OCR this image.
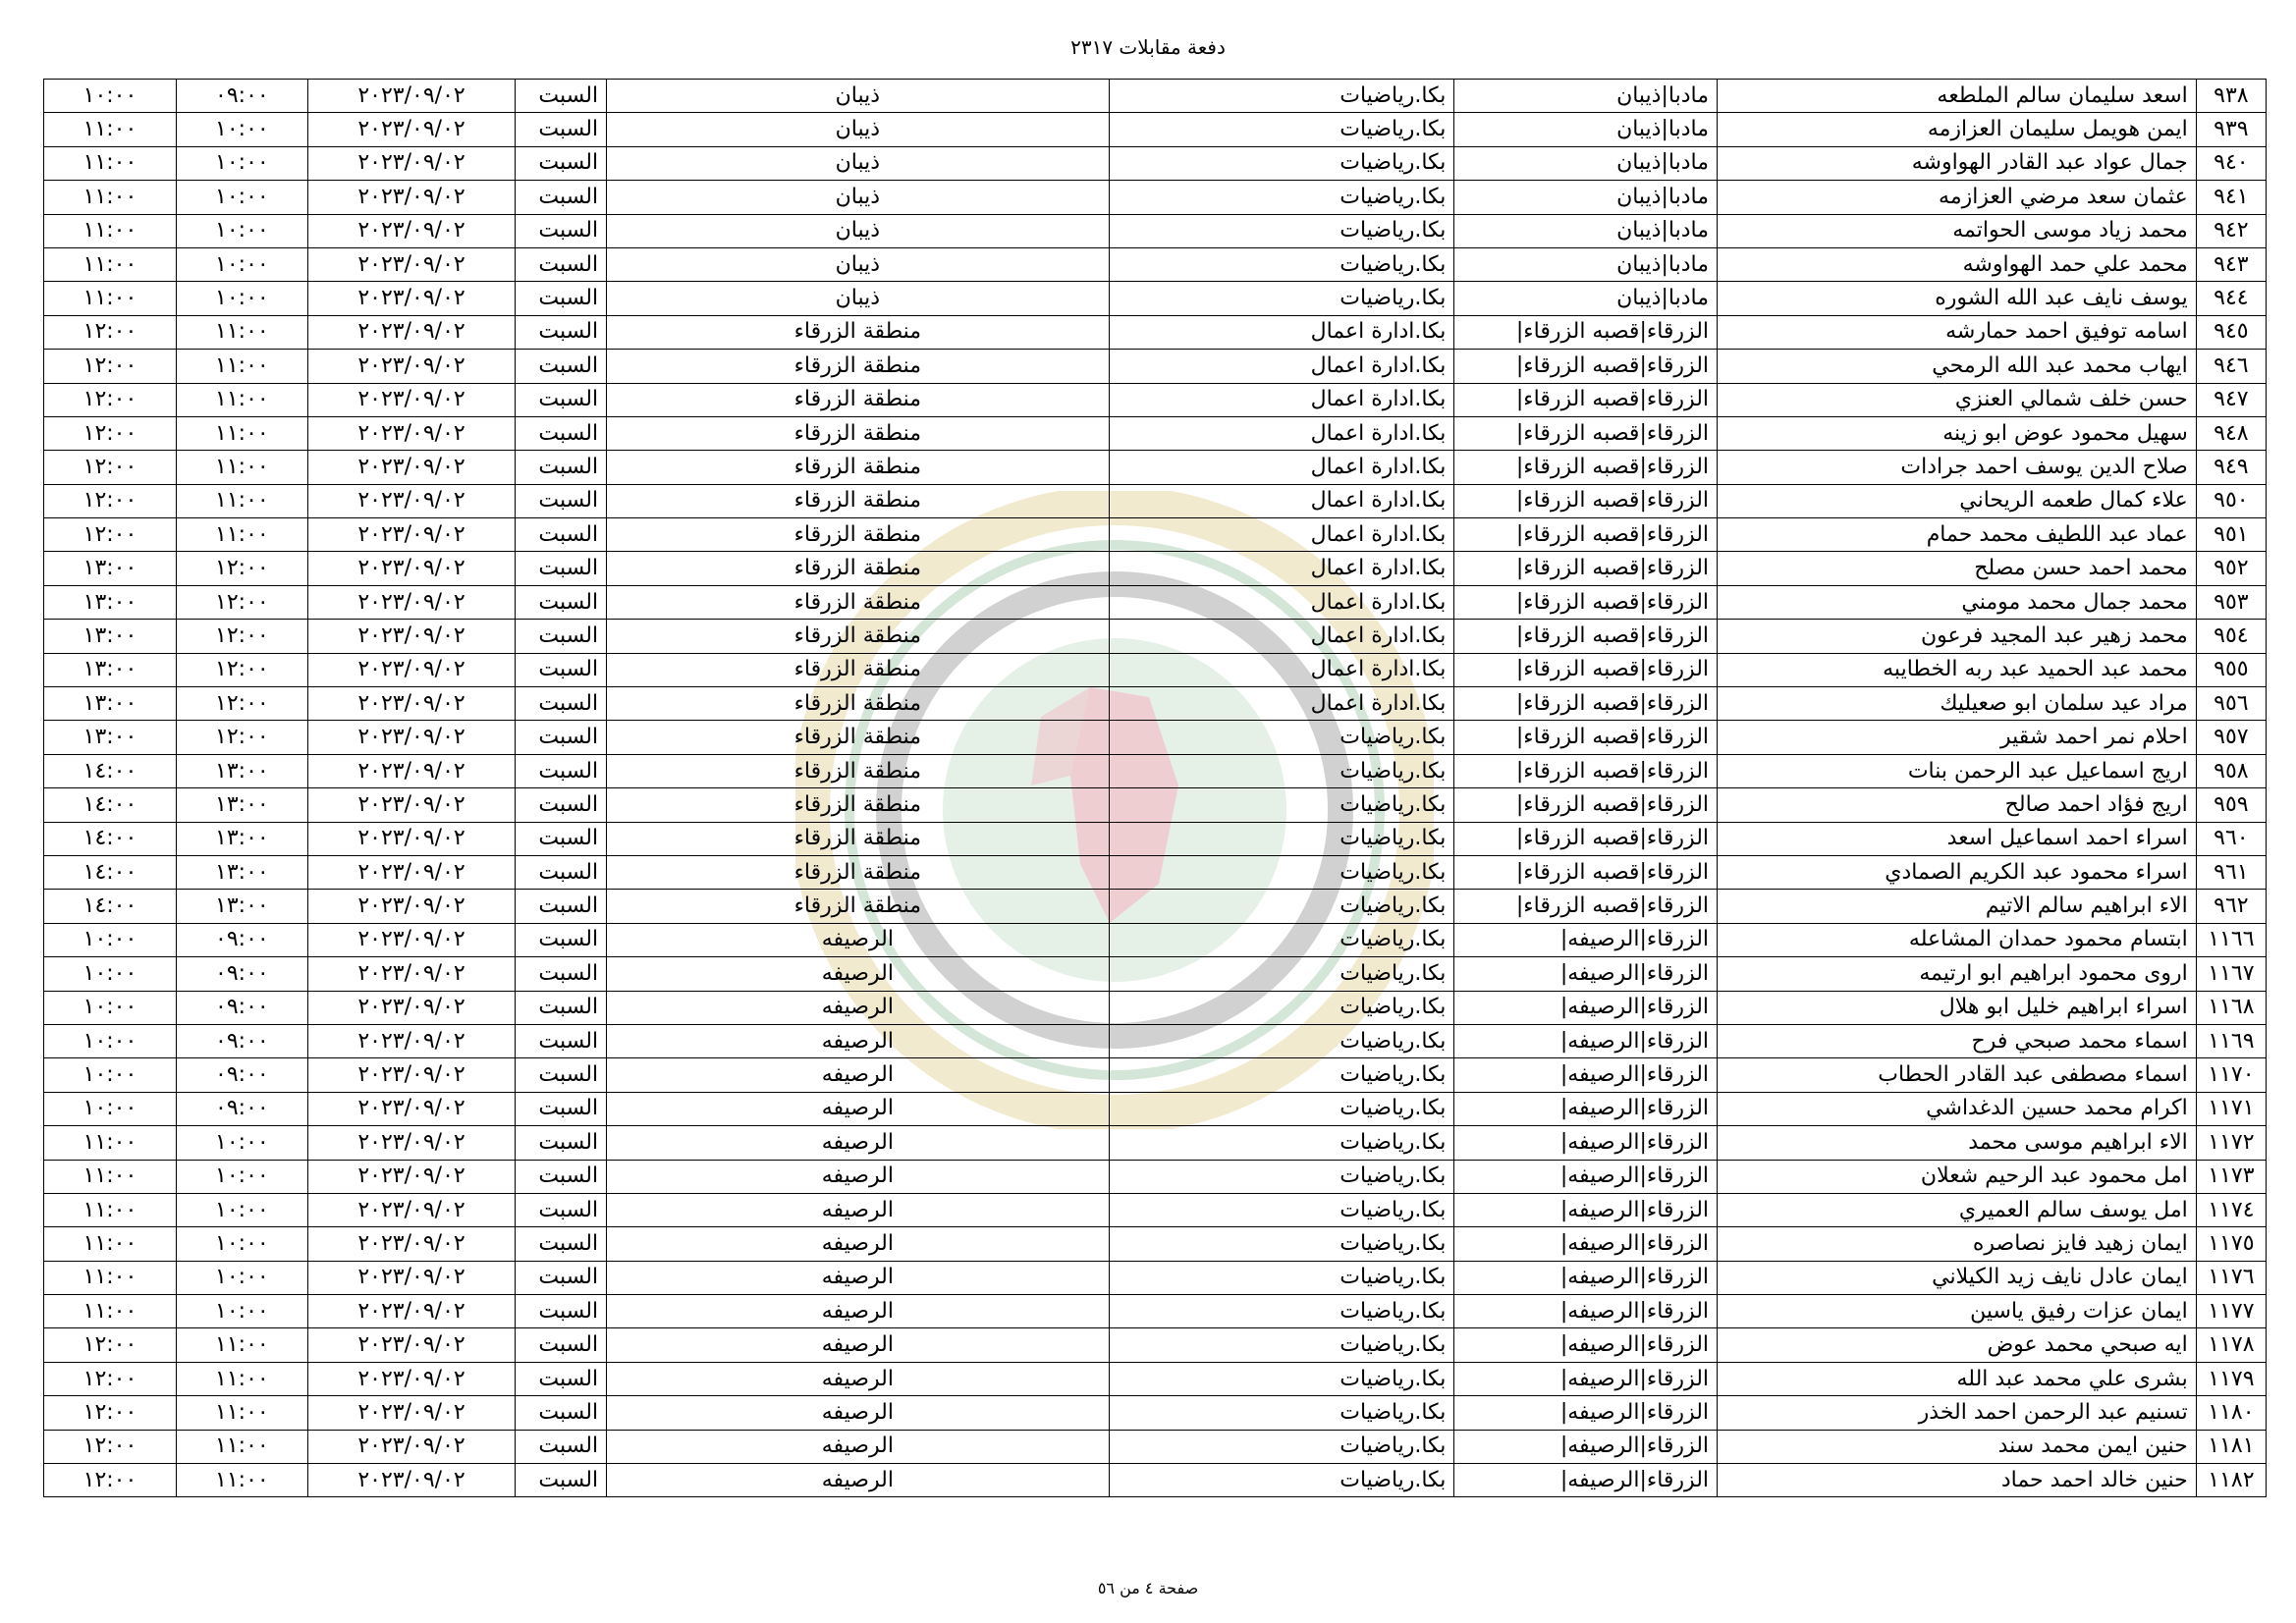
دفعة مقابلات ٢٣١٧
٩٣٨	اسعد سليمان سالم الملطعه	مادبا|ذيبان	بكا.رياضيات	ذيبان	السبت	٢٠٢٣/٠٩/٠٢	٠٩:٠٠	١٠:٠٠
٩٣٩	ايمن هويمل سليمان العزازمه	مادبا|ذيبان	بكا.رياضيات	ذيبان	السبت	٢٠٢٣/٠٩/٠٢	١٠:٠٠	١١:٠٠
٩٤٠	جمال عواد عبد القادر الهواوشه	مادبا|ذيبان	بكا.رياضيات	ذيبان	السبت	٢٠٢٣/٠٩/٠٢	١٠:٠٠	١١:٠٠
٩٤١	عثمان سعد مرضي العزازمه	مادبا|ذيبان	بكا.رياضيات	ذيبان	السبت	٢٠٢٣/٠٩/٠٢	١٠:٠٠	١١:٠٠
٩٤٢	محمد زياد موسى الحواتمه	مادبا|ذيبان	بكا.رياضيات	ذيبان	السبت	٢٠٢٣/٠٩/٠٢	١٠:٠٠	١١:٠٠
٩٤٣	محمد علي حمد الهواوشه	مادبا|ذيبان	بكا.رياضيات	ذيبان	السبت	٢٠٢٣/٠٩/٠٢	١٠:٠٠	١١:٠٠
٩٤٤	يوسف نايف عبد الله الشوره	مادبا|ذيبان	بكا.رياضيات	ذيبان	السبت	٢٠٢٣/٠٩/٠٢	١٠:٠٠	١١:٠٠
٩٤٥	اسامه توفيق احمد حمارشه	الزرقاء|قصبه الزرقاء|	بكا.ادارة اعمال	منطقة الزرقاء	السبت	٢٠٢٣/٠٩/٠٢	١١:٠٠	١٢:٠٠
٩٤٦	ايهاب محمد عبد الله الرمحي	الزرقاء|قصبه الزرقاء|	بكا.ادارة اعمال	منطقة الزرقاء	السبت	٢٠٢٣/٠٩/٠٢	١١:٠٠	١٢:٠٠
٩٤٧	حسن خلف شمالي العنزي	الزرقاء|قصبه الزرقاء|	بكا.ادارة اعمال	منطقة الزرقاء	السبت	٢٠٢٣/٠٩/٠٢	١١:٠٠	١٢:٠٠
٩٤٨	سهيل محمود عوض ابو زينه	الزرقاء|قصبه الزرقاء|	بكا.ادارة اعمال	منطقة الزرقاء	السبت	٢٠٢٣/٠٩/٠٢	١١:٠٠	١٢:٠٠
٩٤٩	صلاح الدين يوسف احمد جرادات	الزرقاء|قصبه الزرقاء|	بكا.ادارة اعمال	منطقة الزرقاء	السبت	٢٠٢٣/٠٩/٠٢	١١:٠٠	١٢:٠٠
٩٥٠	علاء كمال طعمه الريحاني	الزرقاء|قصبه الزرقاء|	بكا.ادارة اعمال	منطقة الزرقاء	السبت	٢٠٢٣/٠٩/٠٢	١١:٠٠	١٢:٠٠
٩٥١	عماد عبد اللطيف محمد حمام	الزرقاء|قصبه الزرقاء|	بكا.ادارة اعمال	منطقة الزرقاء	السبت	٢٠٢٣/٠٩/٠٢	١١:٠٠	١٢:٠٠
٩٥٢	محمد احمد حسن مصلح	الزرقاء|قصبه الزرقاء|	بكا.ادارة اعمال	منطقة الزرقاء	السبت	٢٠٢٣/٠٩/٠٢	١٢:٠٠	١٣:٠٠
٩٥٣	محمد جمال محمد مومني	الزرقاء|قصبه الزرقاء|	بكا.ادارة اعمال	منطقة الزرقاء	السبت	٢٠٢٣/٠٩/٠٢	١٢:٠٠	١٣:٠٠
٩٥٤	محمد زهير عبد المجيد فرعون	الزرقاء|قصبه الزرقاء|	بكا.ادارة اعمال	منطقة الزرقاء	السبت	٢٠٢٣/٠٩/٠٢	١٢:٠٠	١٣:٠٠
٩٥٥	محمد عبد الحميد عبد ربه الخطايبه	الزرقاء|قصبه الزرقاء|	بكا.ادارة اعمال	منطقة الزرقاء	السبت	٢٠٢٣/٠٩/٠٢	١٢:٠٠	١٣:٠٠
٩٥٦	مراد عيد سلمان ابو صعيليك	الزرقاء|قصبه الزرقاء|	بكا.ادارة اعمال	منطقة الزرقاء	السبت	٢٠٢٣/٠٩/٠٢	١٢:٠٠	١٣:٠٠
٩٥٧	احلام نمر احمد شقير	الزرقاء|قصبه الزرقاء|	بكا.رياضيات	منطقة الزرقاء	السبت	٢٠٢٣/٠٩/٠٢	١٢:٠٠	١٣:٠٠
٩٥٨	اريج اسماعيل عبد الرحمن بنات	الزرقاء|قصبه الزرقاء|	بكا.رياضيات	منطقة الزرقاء	السبت	٢٠٢٣/٠٩/٠٢	١٣:٠٠	١٤:٠٠
٩٥٩	اريج فؤاد احمد صالح	الزرقاء|قصبه الزرقاء|	بكا.رياضيات	منطقة الزرقاء	السبت	٢٠٢٣/٠٩/٠٢	١٣:٠٠	١٤:٠٠
٩٦٠	اسراء احمد اسماعيل اسعد	الزرقاء|قصبه الزرقاء|	بكا.رياضيات	منطقة الزرقاء	السبت	٢٠٢٣/٠٩/٠٢	١٣:٠٠	١٤:٠٠
٩٦١	اسراء محمود عبد الكريم الصمادي	الزرقاء|قصبه الزرقاء|	بكا.رياضيات	منطقة الزرقاء	السبت	٢٠٢٣/٠٩/٠٢	١٣:٠٠	١٤:٠٠
٩٦٢	الاء ابراهيم سالم الاتيم	الزرقاء|قصبه الزرقاء|	بكا.رياضيات	منطقة الزرقاء	السبت	٢٠٢٣/٠٩/٠٢	١٣:٠٠	١٤:٠٠
١١٦٦	ابتسام محمود حمدان المشاعله	الزرقاء|الرصيفه|	بكا.رياضيات	الرصيفه	السبت	٢٠٢٣/٠٩/٠٢	٠٩:٠٠	١٠:٠٠
١١٦٧	اروى محمود ابراهيم ابو ارتيمه	الزرقاء|الرصيفه|	بكا.رياضيات	الرصيفه	السبت	٢٠٢٣/٠٩/٠٢	٠٩:٠٠	١٠:٠٠
١١٦٨	اسراء ابراهيم خليل ابو هلال	الزرقاء|الرصيفه|	بكا.رياضيات	الرصيفه	السبت	٢٠٢٣/٠٩/٠٢	٠٩:٠٠	١٠:٠٠
١١٦٩	اسماء محمد صبحي فرح	الزرقاء|الرصيفه|	بكا.رياضيات	الرصيفه	السبت	٢٠٢٣/٠٩/٠٢	٠٩:٠٠	١٠:٠٠
١١٧٠	اسماء مصطفى عبد القادر الحطاب	الزرقاء|الرصيفه|	بكا.رياضيات	الرصيفه	السبت	٢٠٢٣/٠٩/٠٢	٠٩:٠٠	١٠:٠٠
١١٧١	اكرام محمد حسين الدغداشي	الزرقاء|الرصيفه|	بكا.رياضيات	الرصيفه	السبت	٢٠٢٣/٠٩/٠٢	٠٩:٠٠	١٠:٠٠
١١٧٢	الاء ابراهيم موسى محمد	الزرقاء|الرصيفه|	بكا.رياضيات	الرصيفه	السبت	٢٠٢٣/٠٩/٠٢	١٠:٠٠	١١:٠٠
١١٧٣	امل محمود عبد الرحيم شعلان	الزرقاء|الرصيفه|	بكا.رياضيات	الرصيفه	السبت	٢٠٢٣/٠٩/٠٢	١٠:٠٠	١١:٠٠
١١٧٤	امل يوسف سالم العميري	الزرقاء|الرصيفه|	بكا.رياضيات	الرصيفه	السبت	٢٠٢٣/٠٩/٠٢	١٠:٠٠	١١:٠٠
١١٧٥	ايمان زهيد فايز نصاصره	الزرقاء|الرصيفه|	بكا.رياضيات	الرصيفه	السبت	٢٠٢٣/٠٩/٠٢	١٠:٠٠	١١:٠٠
١١٧٦	ايمان عادل نايف زيد الكيلاني	الزرقاء|الرصيفه|	بكا.رياضيات	الرصيفه	السبت	٢٠٢٣/٠٩/٠٢	١٠:٠٠	١١:٠٠
١١٧٧	ايمان عزات رفيق ياسين	الزرقاء|الرصيفه|	بكا.رياضيات	الرصيفه	السبت	٢٠٢٣/٠٩/٠٢	١٠:٠٠	١١:٠٠
١١٧٨	ايه صبحي محمد عوض	الزرقاء|الرصيفه|	بكا.رياضيات	الرصيفه	السبت	٢٠٢٣/٠٩/٠٢	١١:٠٠	١٢:٠٠
١١٧٩	بشرى علي محمد عبد الله	الزرقاء|الرصيفه|	بكا.رياضيات	الرصيفه	السبت	٢٠٢٣/٠٩/٠٢	١١:٠٠	١٢:٠٠
١١٨٠	تسنيم عبد الرحمن احمد الخذر	الزرقاء|الرصيفه|	بكا.رياضيات	الرصيفه	السبت	٢٠٢٣/٠٩/٠٢	١١:٠٠	١٢:٠٠
١١٨١	حنين ايمن محمد سند	الزرقاء|الرصيفه|	بكا.رياضيات	الرصيفه	السبت	٢٠٢٣/٠٩/٠٢	١١:٠٠	١٢:٠٠
١١٨٢	حنين خالد احمد حماد	الزرقاء|الرصيفه|	بكا.رياضيات	الرصيفه	السبت	٢٠٢٣/٠٩/٠٢	١١:٠٠	١٢:٠٠
صفحة ٤ من ٥٦
